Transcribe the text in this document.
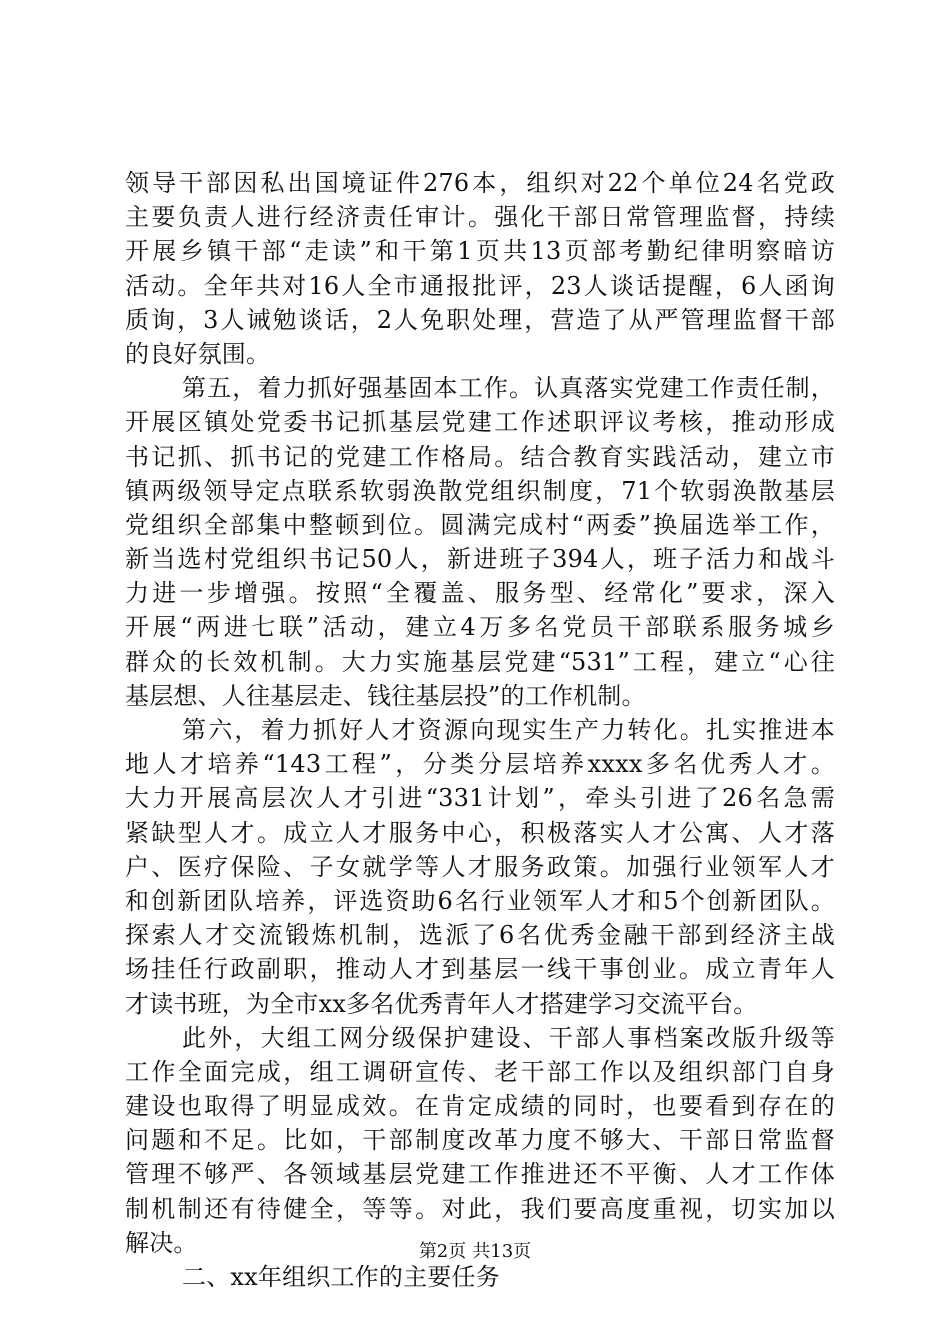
领导干部因私出国境证件276本，组织对22个单位24名党政
主要负责人进行经济责任审计。强化干部日常管理监督，持续
开展乡镇干部“走读”和干第1页共13页部考勤纪律明察暗访
活动。全年共对16人全市通报批评，23人谈话提醒，6人函询
质询，3人诫勉谈话，2人免职处理，营造了从严管理监督干部
的良好氛围。
第五，着力抓好强基固本工作。认真落实党建工作责任制，
开展区镇处党委书记抓基层党建工作述职评议考核，推动形成
书记抓、抓书记的党建工作格局。结合教育实践活动，建立市
镇两级领导定点联系软弱涣散党组织制度，71个软弱涣散基层
党组织全部集中整顿到位。圆满完成村“两委”换届选举工作，
新当选村党组织书记50人，新进班子394人，班子活力和战斗
力进一步增强。按照“全覆盖、服务型、经常化”要求，深入
开展“两进七联”活动，建立4万多名党员干部联系服务城乡
群众的长效机制。大力实施基层党建“531”工程，建立“心往
基层想、人往基层走、钱往基层投”的工作机制。
第六，着力抓好人才资源向现实生产力转化。扎实推进本
地人才培养“143工程”，分类分层培养xxxx多名优秀人才。
大力开展高层次人才引进“331计划”，牵头引进了26名急需
紧缺型人才。成立人才服务中心，积极落实人才公寓、人才落
户、医疗保险、子女就学等人才服务政策。加强行业领军人才
和创新团队培养，评选资助6名行业领军人才和5个创新团队。
探索人才交流锻炼机制，选派了6名优秀金融干部到经济主战
场挂任行政副职，推动人才到基层一线干事创业。成立青年人
才读书班，为全市xx多名优秀青年人才搭建学习交流平台。
此外，大组工网分级保护建设、干部人事档案改版升级等
工作全面完成，组工调研宣传、老干部工作以及组织部门自身
建设也取得了明显成效。在肯定成绩的同时，也要看到存在的
问题和不足。比如，干部制度改革力度不够大、干部日常监督
管理不够严、各领域基层党建工作推进还不平衡、人才工作体
制机制还有待健全，等等。对此，我们要高度重视，切实加以
解决。
二、xx年组织工作的主要任务
第2页 共13页
